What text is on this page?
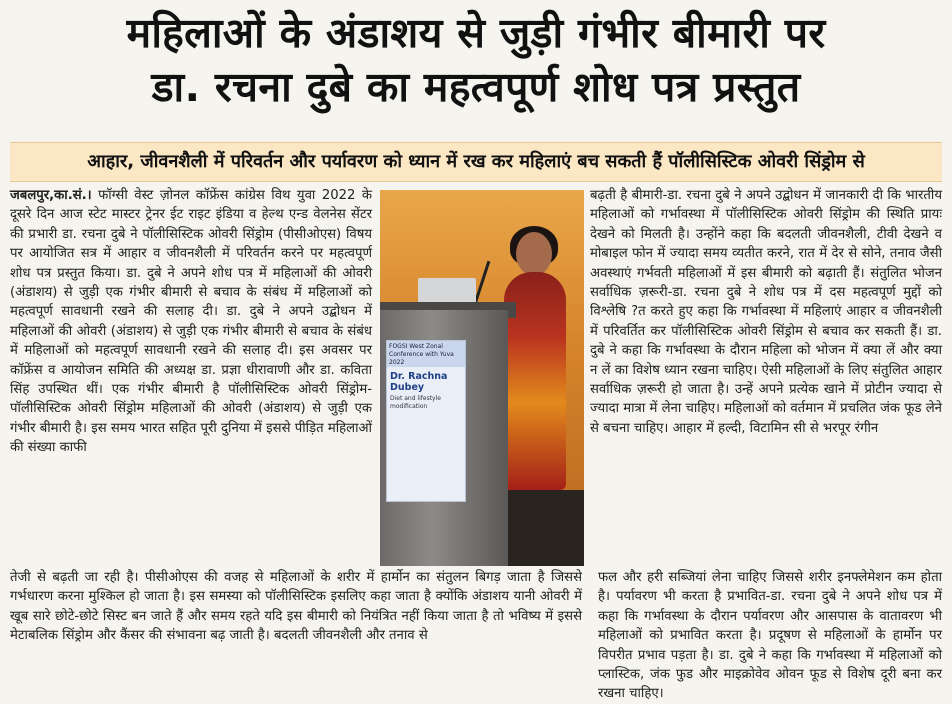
महिलाओं के अंडाशय से जुड़ी गंभीर बीमारी पर
डा. रचना दुबे का महत्वपूर्ण शोध पत्र प्रस्तुत
आहार, जीवनशैली में परिवर्तन और पर्यावरण को ध्यान में रख कर महिलाएं बच सकती हैं पॉलीसिस्टिक ओवरी सिंड्रोम से

जबलपुर,का.सं.। फॉग्सी वेस्ट ज़ोनल कॉफ्रेंस कांग्रेस विथ युवा 2022 के दूसरे दिन आज स्टेट मास्टर ट्रेनर ईट राइट इंडिया व हेल्थ एन्ड वेलनेस सेंटर की प्रभारी डा. रचना दुबे ने पॉलीसिस्टिक ओवरी सिंड्रोम (पीसीओएस) विषय पर आयोजित सत्र में आहार व जीवनशैली में परिवर्तन करने पर महत्वपूर्ण शोध पत्र प्रस्तुत किया। डा. दुबे ने अपने शोध पत्र में महिलाओं की ओवरी (अंडाशय) से जुड़ी एक गंभीर बीमारी से बचाव के संबंध में महिलाओं को महत्वपूर्ण सावधानी रखने की सलाह दी। डा. दुबे ने अपने उद्बोधन में महिलाओं की ओवरी (अंडाशय) से जुड़ी एक गंभीर बीमारी से बचाव के संबंध में महिलाओं को महत्वपूर्ण सावधानी रखने की सलाह दी। इस अवसर पर कॉफ्रेंस व आयोजन समिति की अध्यक्ष डा. प्रज्ञा धीरावाणी और डा. कविता सिंह उपस्थित थीं। एक गंभीर बीमारी है पॉलीसिस्टिक ओवरी सिंड्रोम-पॉलीसिस्टिक ओवरी सिंड्रोम महिलाओं की ओवरी (अंडाशय) से जुड़ी एक गंभीर बीमारी है। इस समय भारत सहित पूरी दुनिया में इससे पीड़ित महिलाओं की संख्या काफी

FOGSI West Zonal Conference with Yuva 2022
Dr. Rachna Dubey
Diet and lifestyle modification

बढ़ती है बीमारी-डा. रचना दुबे ने अपने उद्बोधन में जानकारी दी कि भारतीय महिलाओं को गर्भावस्था में पॉलीसिस्टिक ओवरी सिंड्रोम की स्थिति प्रायः देखने को मिलती है। उन्होंने कहा कि बदलती जीवनशैली, टीवी देखने व मोबाइल फोन में ज्यादा समय व्यतीत करने, रात में देर से सोने, तनाव जैसी अवस्थाएं गर्भवती महिलाओं में इस बीमारी को बढ़ाती हैं। संतुलित भोजन सर्वाधिक ज़रूरी-डा. रचना दुबे ने शोध पत्र में दस महत्वपूर्ण मुद्दों को विश्लेषि ?त करते हुए कहा कि गर्भावस्था में महिलाएं आहार व जीवनशैली में परिवर्तित कर पॉलीसिस्टिक ओवरी सिंड्रोम से बचाव कर सकती हैं। डा. दुबे ने कहा कि गर्भावस्था के दौरान महिला को भोजन में क्या लें और क्या न लें का विशेष ध्यान रखना चाहिए। ऐसी महिलाओं के लिए संतुलित आहार सर्वाधिक ज़रूरी हो जाता है। उन्हें अपने प्रत्येक खाने में प्रोटीन ज्यादा से ज्यादा मात्रा में लेना चाहिए। महिलाओं को वर्तमान में प्रचलित जंक फूड लेने से बचना चाहिए। आहार में हल्दी, विटामिन सी से भरपूर रंगीन

तेजी से बढ़ती जा रही है। पीसीओएस की वजह से महिलाओं के शरीर में हार्मोन का संतुलन बिगड़ जाता है जिससे गर्भधारण करना मुश्किल हो जाता है। इस समस्या को पॉलीसिस्टिक इसलिए कहा जाता है क्योंकि अंडाशय यानी ओवरी में खूब सारे छोटे-छोटे सिस्ट बन जाते हैं और समय रहते यदि इस बीमारी को नियंत्रित नहीं किया जाता है तो भविष्य में इससे मेटाबलिक सिंड्रोम और कैंसर की संभावना बढ़ जाती है। बदलती जीवनशैली और तनाव से

फल और हरी सब्जियां लेना चाहिए जिससे शरीर इनफ्लेमेशन कम होता है। पर्यावरण भी करता है प्रभावित-डा. रचना दुबे ने अपने शोध पत्र में कहा कि गर्भावस्था के दौरान पर्यावरण और आसपास के वातावरण भी महिलाओं को प्रभावित करता है। प्रदूषण से महिलाओं के हार्मोन पर विपरीत प्रभाव पड़ता है। डा. दुबे ने कहा कि गर्भावस्था में महिलाओं को प्लास्टिक, जंक फुड और माइक्रोवेव ओवन फूड से विशेष दूरी बना कर रखना चाहिए।
